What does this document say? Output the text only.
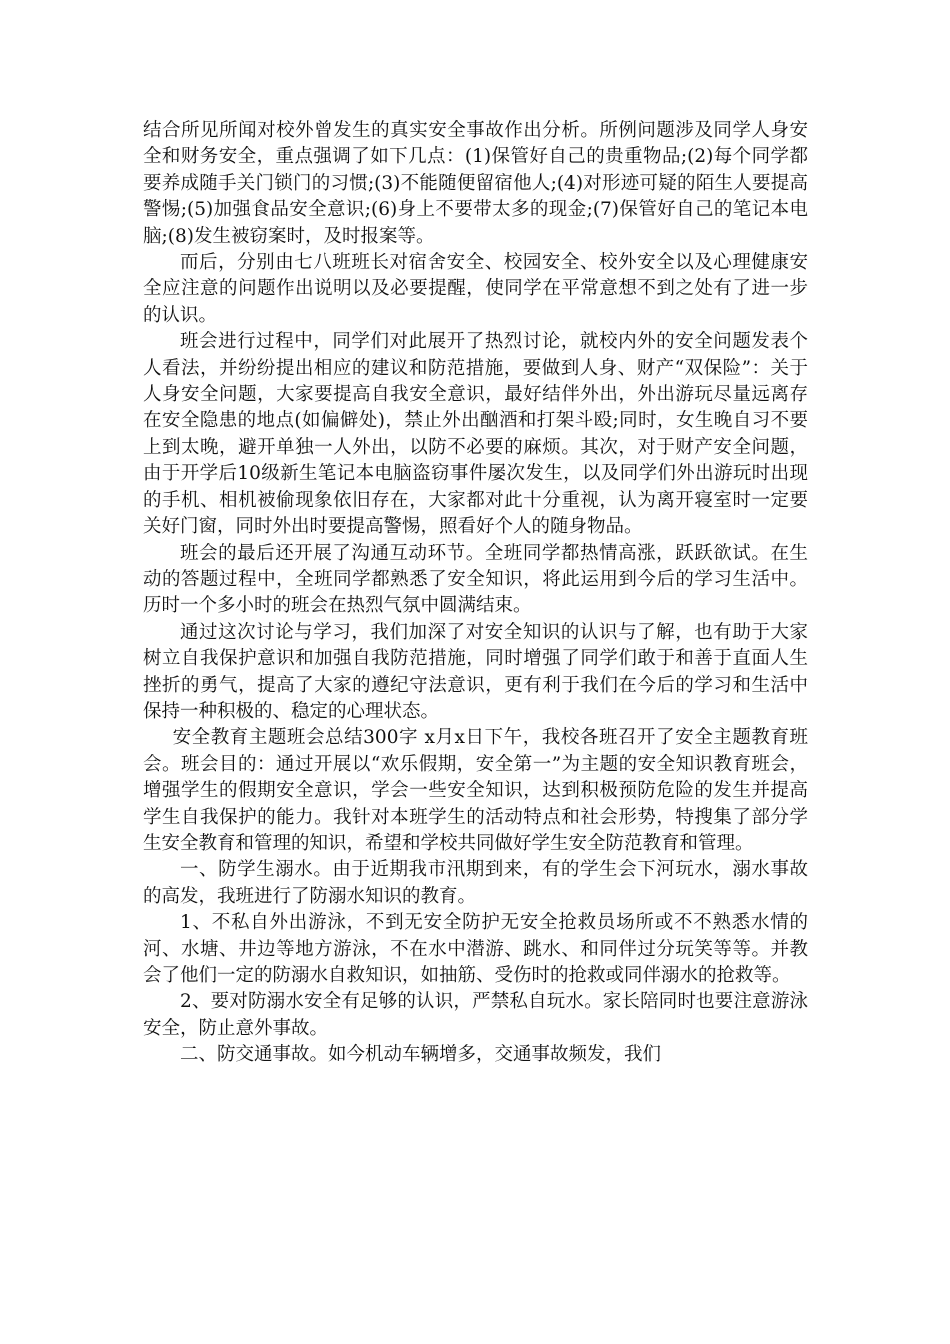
结合所见所闻对校外曾发生的真实安全事故作出分析。所例问题涉及同学人身安全和财务安全，重点强调了如下几点：(1)保管好自己的贵重物品;(2)每个同学都要养成随手关门锁门的习惯;(3)不能随便留宿他人;(4)对形迹可疑的陌生人要提高警惕;(5)加强食品安全意识;(6)身上不要带太多的现金;(7)保管好自己的笔记本电脑;(8)发生被窃案时，及时报案等。

而后，分别由七八班班长对宿舍安全、校园安全、校外安全以及心理健康安全应注意的问题作出说明以及必要提醒，使同学在平常意想不到之处有了进一步的认识。

班会进行过程中，同学们对此展开了热烈讨论，就校内外的安全问题发表个人看法，并纷纷提出相应的建议和防范措施，要做到人身、财产“双保险”：关于人身安全问题，大家要提高自我安全意识，最好结伴外出，外出游玩尽量远离存在安全隐患的地点(如偏僻处)，禁止外出酗酒和打架斗殴;同时，女生晚自习不要上到太晚，避开单独一人外出，以防不必要的麻烦。其次，对于财产安全问题，由于开学后10级新生笔记本电脑盗窃事件屡次发生，以及同学们外出游玩时出现的手机、相机被偷现象依旧存在，大家都对此十分重视，认为离开寝室时一定要关好门窗，同时外出时要提高警惕，照看好个人的随身物品。

班会的最后还开展了沟通互动环节。全班同学都热情高涨，跃跃欲试。在生动的答题过程中，全班同学都熟悉了安全知识，将此运用到今后的学习生活中。历时一个多小时的班会在热烈气氛中圆满结束。

通过这次讨论与学习，我们加深了对安全知识的认识与了解，也有助于大家树立自我保护意识和加强自我防范措施，同时增强了同学们敢于和善于直面人生挫折的勇气，提高了大家的遵纪守法意识，更有利于我们在今后的学习和生活中保持一种积极的、稳定的心理状态。

安全教育主题班会总结300字 x月x日下午，我校各班召开了安全主题教育班会。班会目的：通过开展以“欢乐假期，安全第一”为主题的安全知识教育班会，增强学生的假期安全意识，学会一些安全知识，达到积极预防危险的发生并提高学生自我保护的能力。我针对本班学生的活动特点和社会形势，特搜集了部分学生安全教育和管理的知识，希望和学校共同做好学生安全防范教育和管理。

一、防学生溺水。由于近期我市汛期到来，有的学生会下河玩水，溺水事故的高发，我班进行了防溺水知识的教育。

1、不私自外出游泳，不到无安全防护无安全抢救员场所或不不熟悉水情的河、水塘、井边等地方游泳，不在水中潜游、跳水、和同伴过分玩笑等等。并教会了他们一定的防溺水自救知识，如抽筋、受伤时的抢救或同伴溺水的抢救等。

2、要对防溺水安全有足够的认识，严禁私自玩水。家长陪同时也要注意游泳安全，防止意外事故。

二、防交通事故。如今机动车辆增多，交通事故频发，我们
